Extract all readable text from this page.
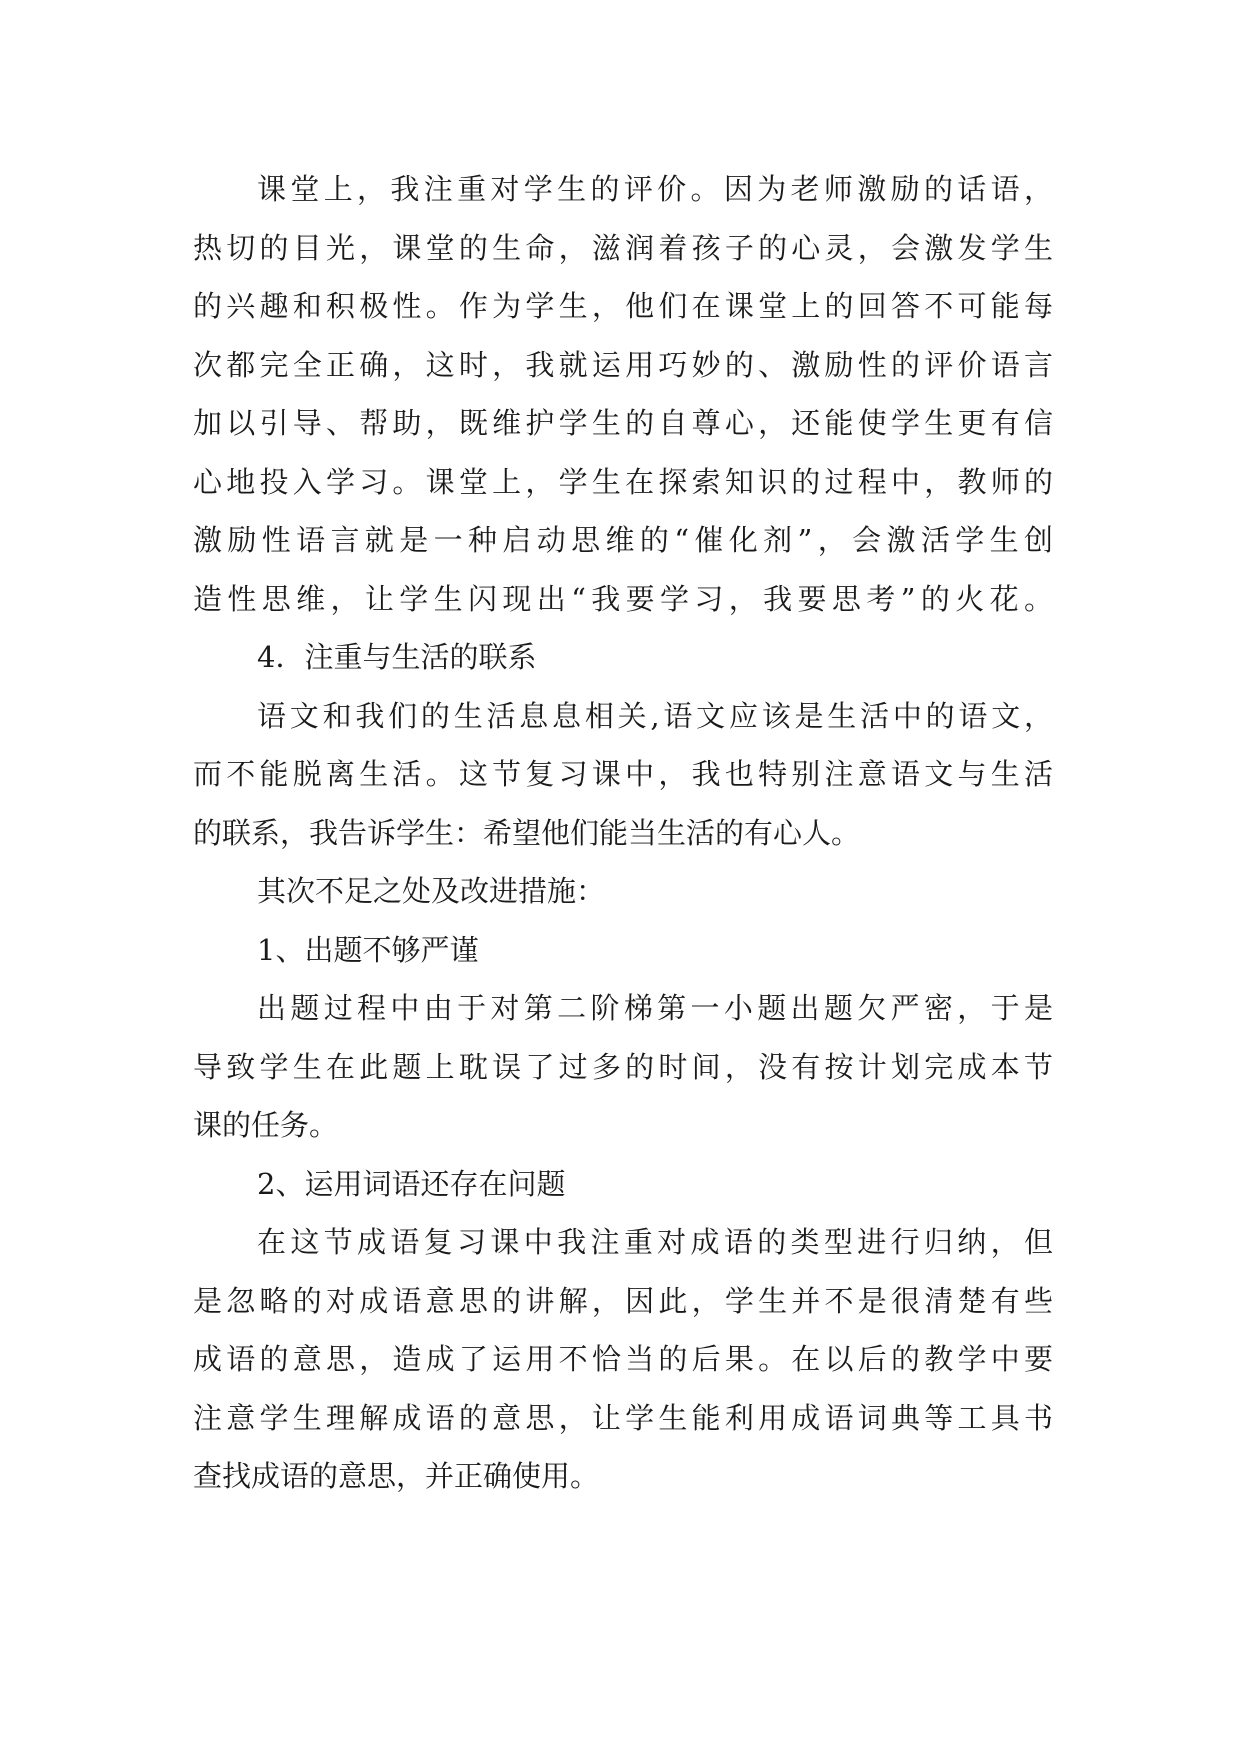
课堂上，我注重对学生的评价。因为老师激励的话语，
热切的目光，课堂的生命，滋润着孩子的心灵，会激发学生
的兴趣和积极性。作为学生，他们在课堂上的回答不可能每
次都完全正确，这时，我就运用巧妙的、激励性的评价语言
加以引导、帮助，既维护学生的自尊心，还能使学生更有信
心地投入学习。课堂上，学生在探索知识的过程中，教师的
激励性语言就是一种启动思维的“催化剂”，会激活学生创
造性思维，让学生闪现出“我要学习，我要思考”的火花。
4．注重与生活的联系
语文和我们的生活息息相关,语文应该是生活中的语文，
而不能脱离生活。这节复习课中，我也特别注意语文与生活
的联系，我告诉学生：希望他们能当生活的有心人。
其次不足之处及改进措施：
1、出题不够严谨
出题过程中由于对第二阶梯第一小题出题欠严密，于是
导致学生在此题上耽误了过多的时间，没有按计划完成本节
课的任务。
2、运用词语还存在问题
在这节成语复习课中我注重对成语的类型进行归纳，但
是忽略的对成语意思的讲解，因此，学生并不是很清楚有些
成语的意思，造成了运用不恰当的后果。在以后的教学中要
注意学生理解成语的意思，让学生能利用成语词典等工具书
查找成语的意思，并正确使用。
